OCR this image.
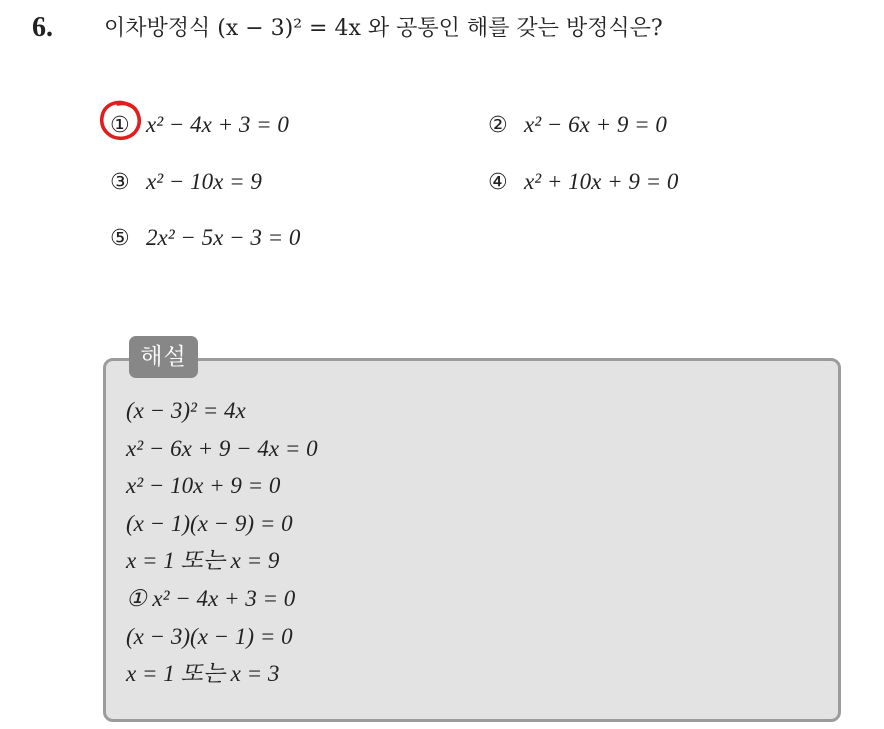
6. 이차방정식 (x − 3)² = 4x 와 공통인 해를 갖는 방정식은?
① x² − 4x + 3 = 0	② x² − 6x + 9 = 0
③ x² − 10x = 9	④ x² + 10x + 9 = 0
⑤ 2x² − 5x − 3 = 0
해설
(x − 3)² = 4x
x² − 6x + 9 − 4x = 0
x² − 10x + 9 = 0
(x − 1)(x − 9) = 0
x = 1 또는 x = 9
① x² − 4x + 3 = 0
(x − 3)(x − 1) = 0
x = 1 또는 x = 3
